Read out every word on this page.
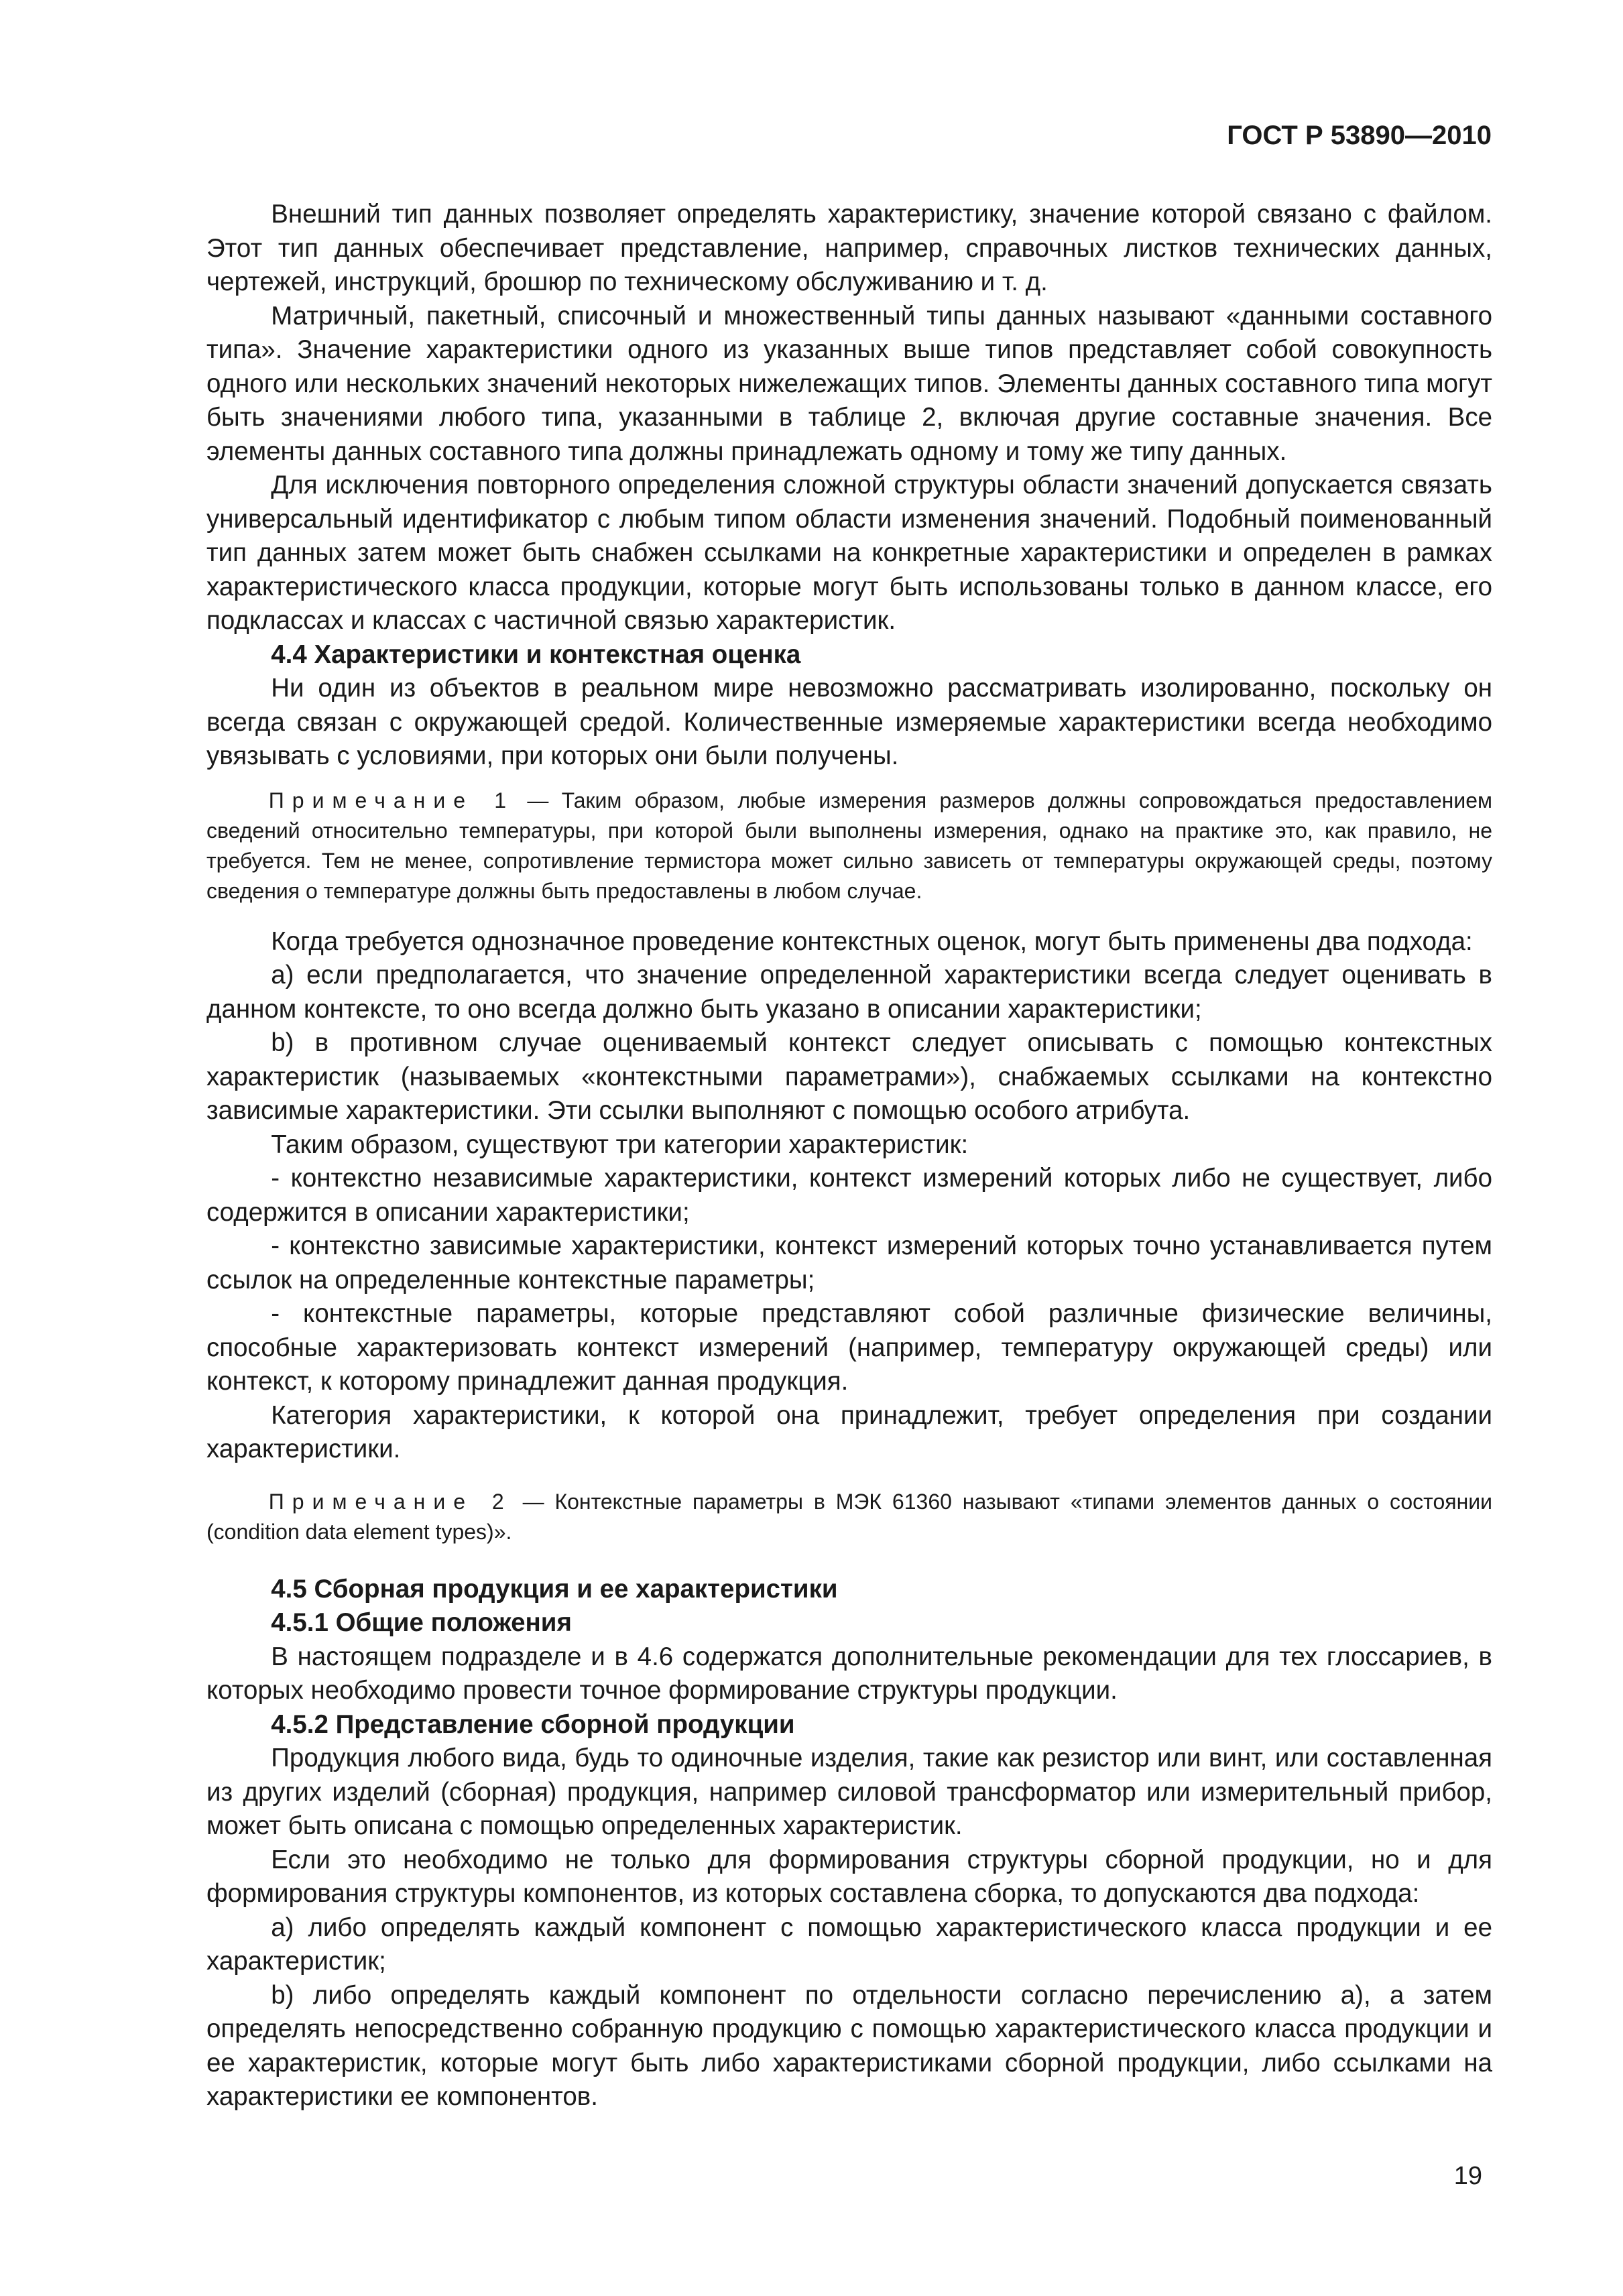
ГОСТ Р 53890—2010

Внешний тип данных позволяет определять характеристику, значение которой связано с файлом. Этот тип данных обеспечивает представление, например, справочных листков технических данных, чертежей, инструкций, брошюр по техническому обслуживанию и т. д.

Матричный, пакетный, списочный и множественный типы данных называют «данными составного типа». Значение характеристики одного из указанных выше типов представляет собой совокупность одного или нескольких значений некоторых нижележащих типов. Элементы данных составного типа могут быть значениями любого типа, указанными в таблице 2, включая другие составные значения. Все элементы данных составного типа должны принадлежать одному и тому же типу данных.

Для исключения повторного определения сложной структуры области значений допускается связать универсальный идентификатор с любым типом области изменения значений. Подобный поименованный тип данных затем может быть снабжен ссылками на конкретные характеристики и определен в рамках характеристического класса продукции, которые могут быть использованы только в данном классе, его подклассах и классах с частичной связью характеристик.

4.4 Характеристики и контекстная оценка

Ни один из объектов в реальном мире невозможно рассматривать изолированно, поскольку он всегда связан с окружающей средой. Количественные измеряемые характеристики всегда необходимо увязывать с условиями, при которых они были получены.

Примечание 1 — Таким образом, любые измерения размеров должны сопровождаться предоставлением сведений относительно температуры, при которой были выполнены измерения, однако на практике это, как правило, не требуется. Тем не менее, сопротивление термистора может сильно зависеть от температуры окружающей среды, поэтому сведения о температуре должны быть предоставлены в любом случае.

Когда требуется однозначное проведение контекстных оценок, могут быть применены два подхода:

а) если предполагается, что значение определенной характеристики всегда следует оценивать в данном контексте, то оно всегда должно быть указано в описании характеристики;

b) в противном случае оцениваемый контекст следует описывать с помощью контекстных характеристик (называемых «контекстными параметрами»), снабжаемых ссылками на контекстно зависимые характеристики. Эти ссылки выполняют с помощью особого атрибута.

Таким образом, существуют три категории характеристик:

- контекстно независимые характеристики, контекст измерений которых либо не существует, либо содержится в описании характеристики;

- контекстно зависимые характеристики, контекст измерений которых точно устанавливается путем ссылок на определенные контекстные параметры;

- контекстные параметры, которые представляют собой различные физические величины, способные характеризовать контекст измерений (например, температуру окружающей среды) или контекст, к которому принадлежит данная продукция.

Категория характеристики, к которой она принадлежит, требует определения при создании характеристики.

Примечание 2 — Контекстные параметры в МЭК 61360 называют «типами элементов данных о состоянии (condition data element types)».

4.5 Сборная продукция и ее характеристики

4.5.1 Общие положения

В настоящем подразделе и в 4.6 содержатся дополнительные рекомендации для тех глоссариев, в которых необходимо провести точное формирование структуры продукции.

4.5.2 Представление сборной продукции

Продукция любого вида, будь то одиночные изделия, такие как резистор или винт, или составленная из других изделий (сборная) продукция, например силовой трансформатор или измерительный прибор, может быть описана с помощью определенных характеристик.

Если это необходимо не только для формирования структуры сборной продукции, но и для формирования структуры компонентов, из которых составлена сборка, то допускаются два подхода:

а) либо определять каждый компонент с помощью характеристического класса продукции и ее характеристик;

b) либо определять каждый компонент по отдельности согласно перечислению а), а затем определять непосредственно собранную продукцию с помощью характеристического класса продукции и ее характеристик, которые могут быть либо характеристиками сборной продукции, либо ссылками на характеристики ее компонентов.

19
